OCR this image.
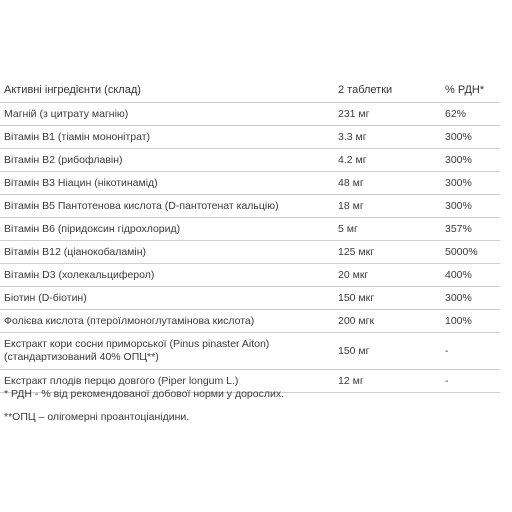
Активні інгредієнти (склад)	2 таблетки	% РДН*
Магній (з цитрату магнію)	231 мг	62%
Вітамін В1 (тіамін мононітрат)	3.3 мг	300%
Вітамін В2 (рибофлавін)	4.2 мг	300%
Вітамін В3 Ніацин (нікотинамід)	48 мг	300%
Вітамін В5 Пантотенова кислота (D-пантотенат кальцію)	18 мг	300%
Вітамін В6 (піридоксин гідрохлорид)	5 мг	357%
Вітамін В12 (ціанокобаламін)	125 мкг	5000%
Вітамін D3 (холекальциферол)	20 мкг	400%
Біотин (D-біотин)	150 мкг	300%
Фолієва кислота (птероїлмоноглутамінова кислота)	200 мгк	100%
Екстракт кори сосни приморської (Pinus pinaster Aiton) (стандартизований 40% ОПЦ**)	150 мг	-
Екстракт плодів перцю довгого (Piper longum L.)	12 мг	-
* РДН - % від рекомендованої добової норми у дорослих.
**ОПЦ – олігомерні проантоціанідини.
